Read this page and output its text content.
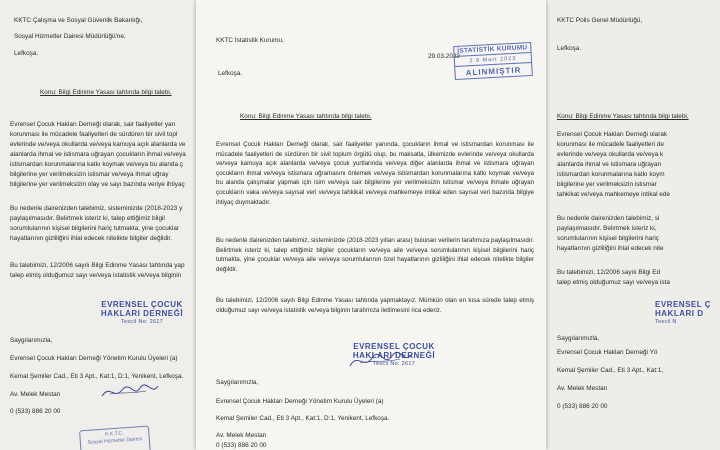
KKTC Çalışma ve Sosyal Güvenlik Bakanlığı,
Sosyal Hizmetler Dairesi Müdürlüğü'ne,
Lefkoşa.
Konu: Bilgi Edinme Yasası tahtında bilgi talebi.
Evrensel Çocuk Hakları Derneği olarak, sair faaliyetler yan
korunması ile mücadele faaliyetleri de sürdüren bir sivil topl
evlerinde ve/veya okullarda ve/veya kamuya açık alanlarda ve
alanlarda ihmal ve istismara uğrayan çocukların ihmal ve/veya
istismardan korunmalarına katkı koymak ve/veya bu alanda ç
bilgilerine yer verilmeksizin istismar ve/veya ihmal uğray
bilgilerine yer verilmeksizin olay ve sayı bazında veriye ihtiyaç
Bu nedenle dairenizden talebimiz, sisteminizde (2018-2023 y
paylaşılmasıdır. Belirtmek isteriz ki, talep ettiğimiz bilgil
sorumlularının kişisel bilgilerini hariç tutmakta, yine çocuklar
hayatlarının gizliliğini ihlal edecek nitelikte bilgiler değildir.
Bu talebimizi, 12/2006 sayılı Bilgi Edinme Yasası tahtında yap
talep etmiş olduğumuz sayı ve/veya istatistik ve/veya bilginin
EVRENSEL ÇOCUK
HAKLARI DERNEĞİ
Tescil No: 2617
Saygılarımızla,
Evrensel Çocuk Hakları Derneği Yönetim Kurulu Üyeleri (a)
Kemal Şemiler Cad., Eti 3 Apt., Kat:1, D:1, Yenikent, Lefkoşa.
Av. Melek Mestan
0 (533) 886 20 00
K.K.T.C.
Sosyal Hizmetler Dairesi
KKTC İstatistik Kurumu,
Lefkoşa.
29.03.2023
İSTATİSTİK KURUMU
2 9 Mart 2023
ALINMIŞTIR
Konu: Bilgi Edinme Yasası tahtında bilgi talebi.
Evrensel Çocuk Hakları Derneği olarak, sair faaliyetler yanında, çocukların ihmal ve istismardan korunması ile mücadele faaliyetleri de sürdüren bir sivil toplum örgütü olup, bu maksatla, ülkemizde evlerinde ve/veya okullarda ve/veya kamuya açık alanlarda ve/veya çocuk yurtlarında ve/veya diğer alanlarda ihmal ve istismara uğrayan çocukların ihmal ve/veya istismara uğramasını önlemek ve/veya istismardan korunmalarına katkı koymak ve/veya bu alanda çalışmalar yapmak için isim ve/veya sair bilgilerine yer verilmeksizin istismar ve/veya ihmale uğrayan çocukların vaka ve/veya sayısal veri ve/veya tahkikat ve/veya mahkemeye intikal eden sayısal veri bazında bilgiye ihtiyaç duymaktadır.
Bu nedenle dairenizden talebimiz, sisteminizde (2018-2023 yılları arası) bulunan verilerin tarafımıza paylaşılmasıdır. Belirtmek isteriz ki, talep ettiğimiz bilgiler çocukların ve/veya aile ve/veya sorumlularının kişisel bilgilerini hariç tutmakta, yine çocuklar ve/veya aile ve/veya sorumlularının özel hayatlarının gizliliğini ihlal edecek nitelikte bilgiler değildir.
Bu talebimizi, 12/2006 sayılı Bilgi Edinme Yasası tahtında yapmaktayız. Mümkün olan en kısa sürede talep etmiş olduğumuz sayı ve/veya istatistik ve/veya bilginin tarafımıza iletilmesini rica ederiz.
EVRENSEL ÇOCUK
HAKLARI DERNEĞİ
Tescil No: 2617
Saygılarımızla,
Evrensel Çocuk Hakları Derneği Yönetim Kurulu Üyeleri (a)
Kemal Şemiler Cad., Eti 3 Apt., Kat:1, D:1, Yenikent, Lefkoşa.
Av. Melek Mestan
0 (533) 886 20 00
KKTC Polis Genel Müdürlüğü,
Lefkoşa.
Konu: Bilgi Edinme Yasası tahtında bilgi talebi.
Evrensel Çocuk Hakları Derneği olarak
korunması ile mücadele faaliyetleri de
evlerinde ve/veya okullarda ve/veya k
alanlarda ihmal ve istismara uğrayan
istismardan korunmalarına katkı koym
bilgilerine yer verilmeksizin istismar
tahkikat ve/veya mahkemeye intikal ede
Bu nedenle dairenizden talebimiz, si
paylaşılmasıdır. Belirtmek isteriz ki,
sorumlularının kişisel bilgilerini hariç
hayatlarının gizliliğini ihlal edecek nite
Bu talebimizi, 12/2006 sayılı Bilgi Ed
talep etmiş olduğumuz sayı ve/veya ista
EVRENSEL Ç
HAKLARI D
Tescil N
Saygılarımızla,
Evrensel Çocuk Hakları Derneği Yö
Kemal Şemiler Cad., Eti 3 Apt., Kat:1,
Av. Melek Mestan
0 (533) 886 20 00
